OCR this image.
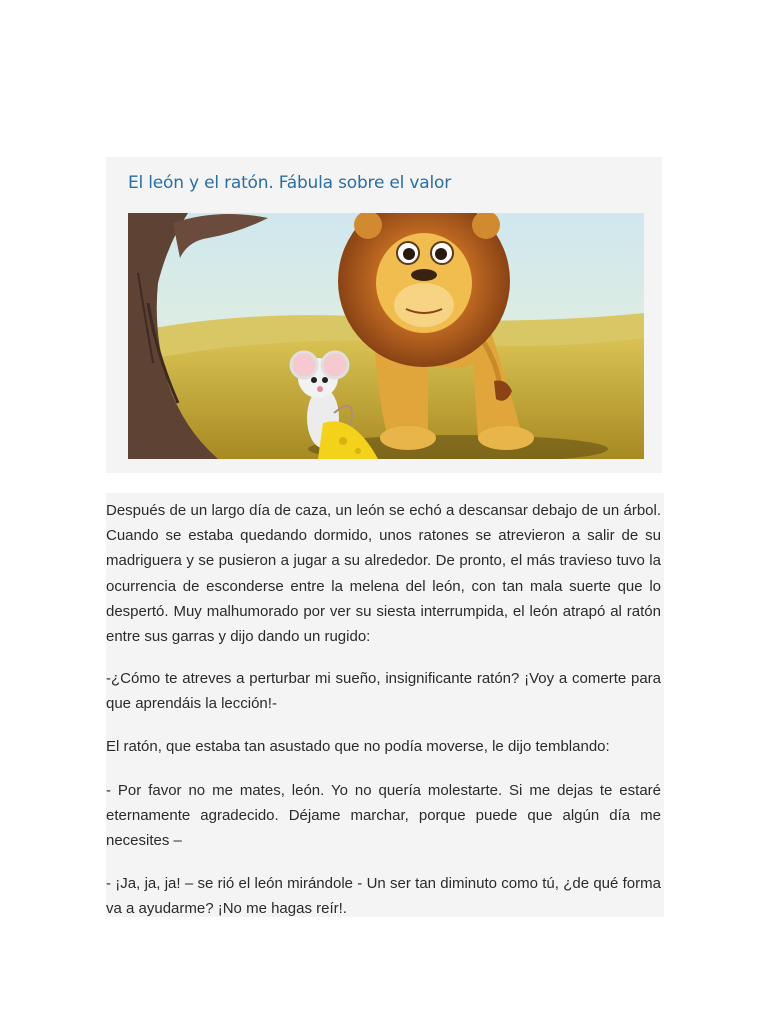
El león y el ratón. Fábula sobre el valor

Después de un largo día de caza, un león se echó a descansar debajo de un árbol. Cuando se estaba quedando dormido, unos ratones se atrevieron a salir de su madriguera y se pusieron a jugar a su alrededor. De pronto, el más travieso tuvo la ocurrencia de esconderse entre la melena del león, con tan mala suerte que lo despertó. Muy malhumorado por ver su siesta interrumpida, el león atrapó al ratón entre sus garras y dijo dando un rugido:

-¿Cómo te atreves a perturbar mi sueño, insignificante ratón? ¡Voy a comerte para que aprendáis la lección!-

El ratón, que estaba tan asustado que no podía moverse, le dijo temblando:

- Por favor no me mates, león. Yo no quería molestarte. Si me dejas te estaré eternamente agradecido. Déjame marchar, porque puede que algún día me necesites –

- ¡Ja, ja, ja! – se rió el león mirándole - Un ser tan diminuto como tú, ¿de qué forma va a ayudarme? ¡No me hagas reír!.
